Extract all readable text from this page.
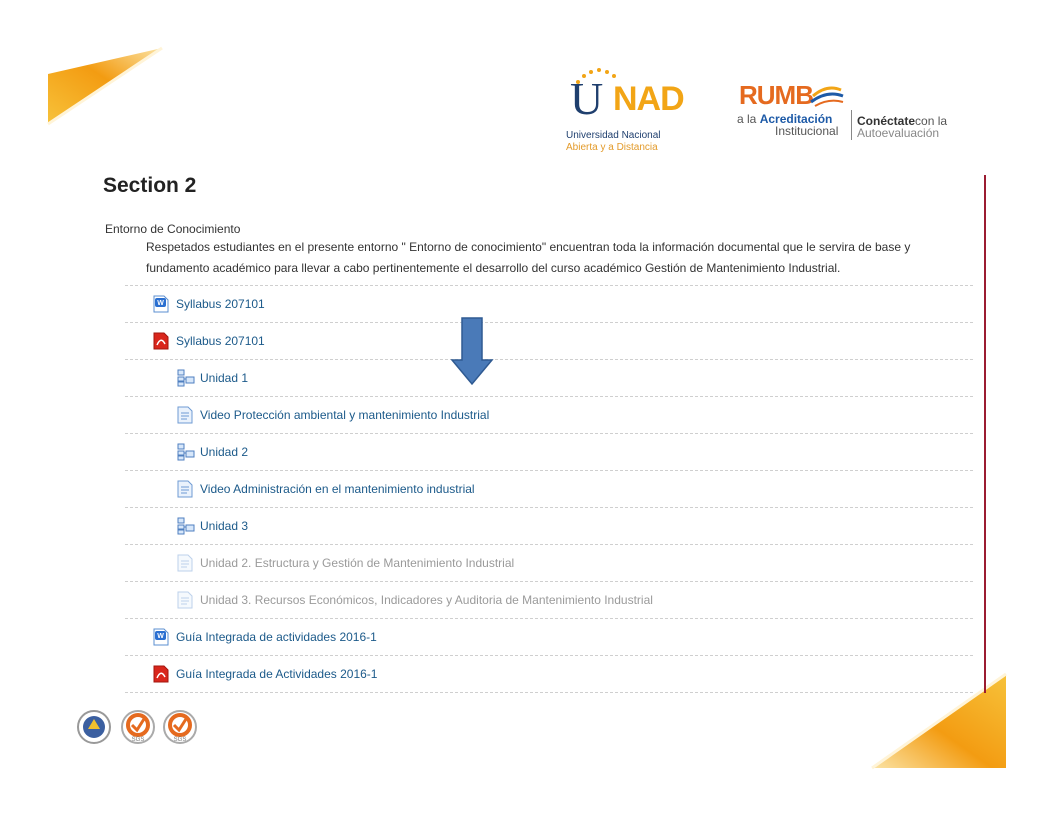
U NAD
Universidad Nacional
Abierta y a Distancia
RUMB
a la Acreditación
Institucional
Conéctatecon la
Autoevaluación
Section 2
Entorno de Conocimiento
Respetados estudiantes en el presente entorno " Entorno de conocimiento" encuentran toda la información documental que le servira de base y fundamento académico para llevar a cabo pertinentemente el desarrollo del curso académico Gestión de Mantenimiento Industrial.
W Syllabus 207101
Syllabus 207101
Unidad 1
Video Protección ambiental y mantenimiento Industrial
Unidad 2
Video Administración en el mantenimiento industrial
Unidad 3
Unidad 2. Estructura y Gestión de Mantenimiento Industrial
Unidad 3. Recursos Económicos, Indicadores y Auditoria de Mantenimiento Industrial
W Guía Integrada de actividades 2016-1
Guía Integrada de Actividades 2016-1
SGS	SGS
